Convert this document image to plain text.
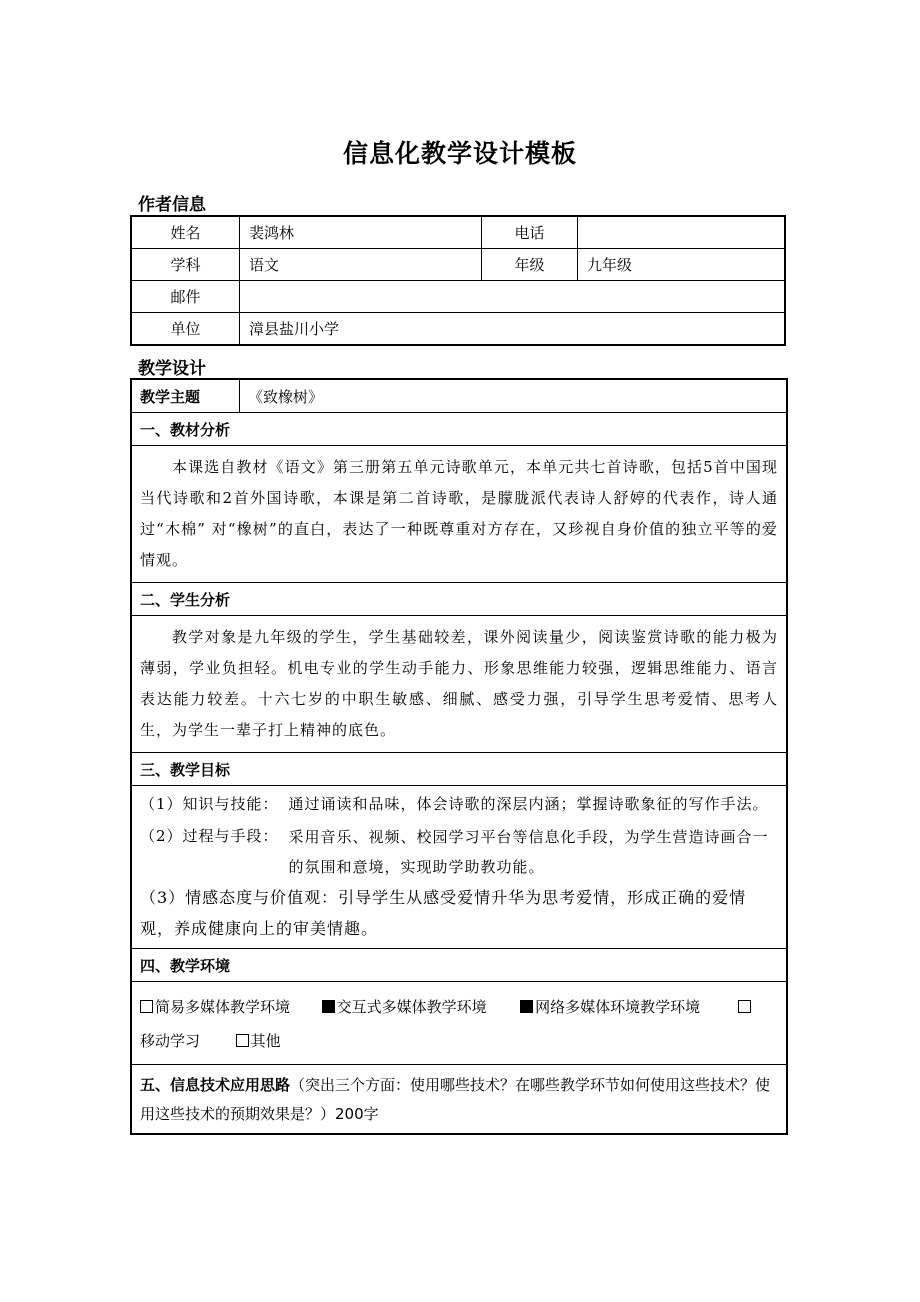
信息化教学设计模板
作者信息
姓名	裴鸿林	电话	
学科	语文	年级	九年级
邮件			
单位	漳县盐川小学		
教学设计
教学主题	《致橡树》
一、教材分析

本课选自教材《语文》第三册第五单元诗歌单元，本单元共七首诗歌，包括5首中国现当代诗歌和2首外国诗歌，本课是第二首诗歌，是朦胧派代表诗人舒婷的代表作，诗人通过“木棉” 对“橡树”的直白，表达了一种既尊重对方存在，又珍视自身价值的独立平等的爱情观。

二、学生分析

教学对象是九年级的学生，学生基础较差，课外阅读量少，阅读鉴赏诗歌的能力极为薄弱，学业负担轻。机电专业的学生动手能力、形象思维能力较强，逻辑思维能力、语言表达能力较差。十六七岁的中职生敏感、细腻、感受力强，引导学生思考爱情、思考人生，为学生一辈子打上精神的底色。

三、教学目标

（1）知识与技能： 通过诵读和品味，体会诗歌的深层内涵；掌握诗歌象征的写作手法。
（2）过程与手段： 采用音乐、视频、校园学习平台等信息化手段，为学生营造诗画合一的氛围和意境，实现助学助教功能。
（3）情感态度与价值观：引导学生从感受爱情升华为思考爱情，形成正确的爱情观，养成健康向上的审美情趣。

四、教学环境

简易多媒体教学环境	交互式多媒体教学环境	网络多媒体环境教学环境
移动学习	其他

五、信息技术应用思路（突出三个方面：使用哪些技术？在哪些教学环节如何使用这些技术？使用这些技术的预期效果是？）200字
